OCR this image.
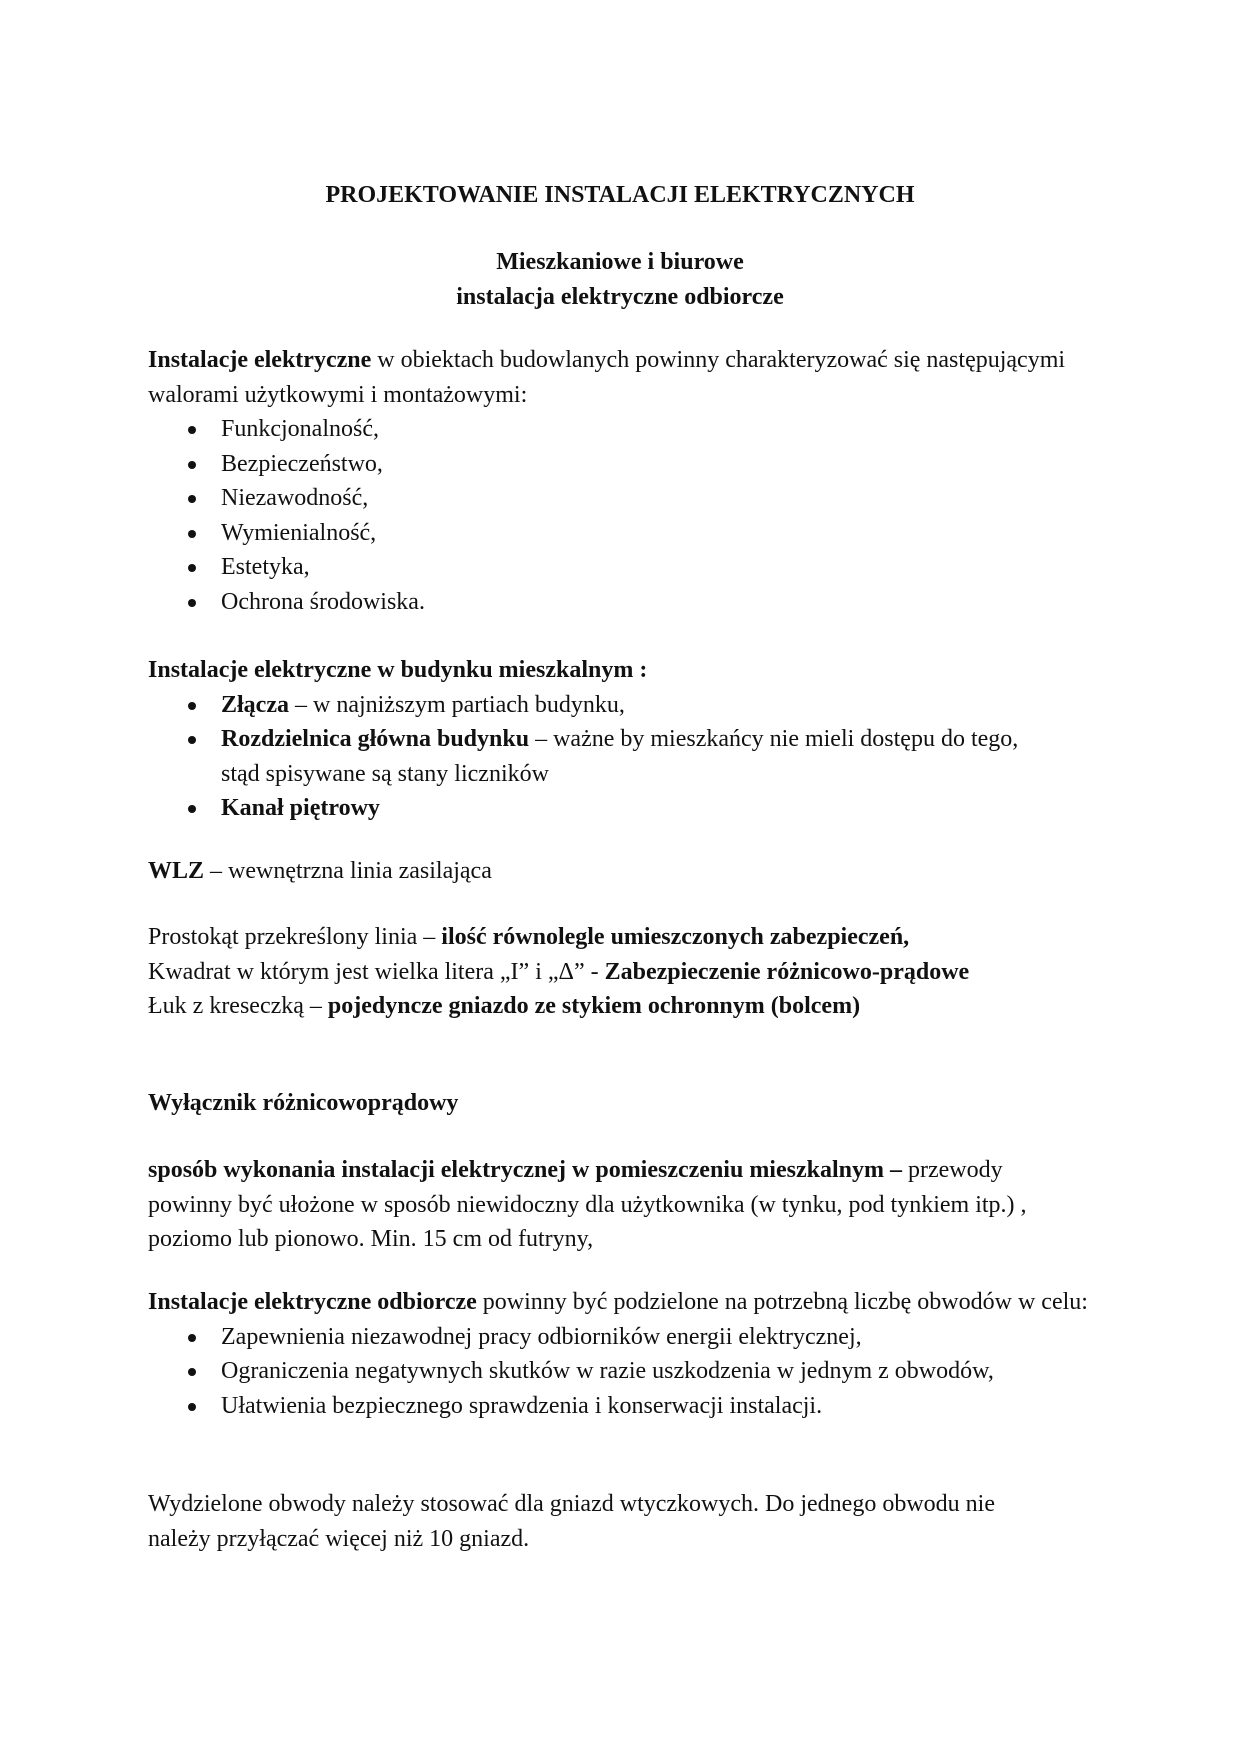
PROJEKTOWANIE INSTALACJI ELEKTRYCZNYCH
Mieszkaniowe i biurowe
instalacja elektryczne odbiorcze

Instalacje elektryczne w obiektach budowlanych powinny charakteryzować się następującymi walorami użytkowymi i montażowymi:

Funkcjonalność,
Bezpieczeństwo,
Niezawodność,
Wymienialność,
Estetyka,
Ochrona środowiska.

Instalacje elektryczne w budynku mieszkalnym :

Złącza – w najniższym partiach budynku,
Rozdzielnica główna budynku – ważne by mieszkańcy nie mieli dostępu do tego, stąd spisywane są stany liczników
Kanał piętrowy
WLZ – wewnętrzna linia zasilająca

Prostokąt przekreślony linia – ilość równolegle umieszczonych zabezpieczeń,

Kwadrat w którym jest wielka litera „I” i „Δ” - Zabezpieczenie różnicowo-prądowe

Łuk z kreseczką – pojedyncze gniazdo ze stykiem ochronnym (bolcem)

Wyłącznik różnicowoprądowy
sposób wykonania instalacji elektrycznej w pomieszczeniu mieszkalnym – przewody powinny być ułożone w sposób niewidoczny dla użytkownika (w tynku, pod tynkiem itp.) , poziomo lub pionowo. Min. 15 cm od futryny,

Instalacje elektryczne odbiorcze powinny być podzielone na potrzebną liczbę obwodów w celu:

Zapewnienia niezawodnej pracy odbiorników energii elektrycznej,
Ograniczenia negatywnych skutków w razie uszkodzenia w jednym z obwodów,
Ułatwienia bezpiecznego sprawdzenia i konserwacji instalacji.
Wydzielone obwody należy stosować dla gniazd wtyczkowych. Do jednego obwodu nie należy przyłączać więcej niż 10 gniazd.
